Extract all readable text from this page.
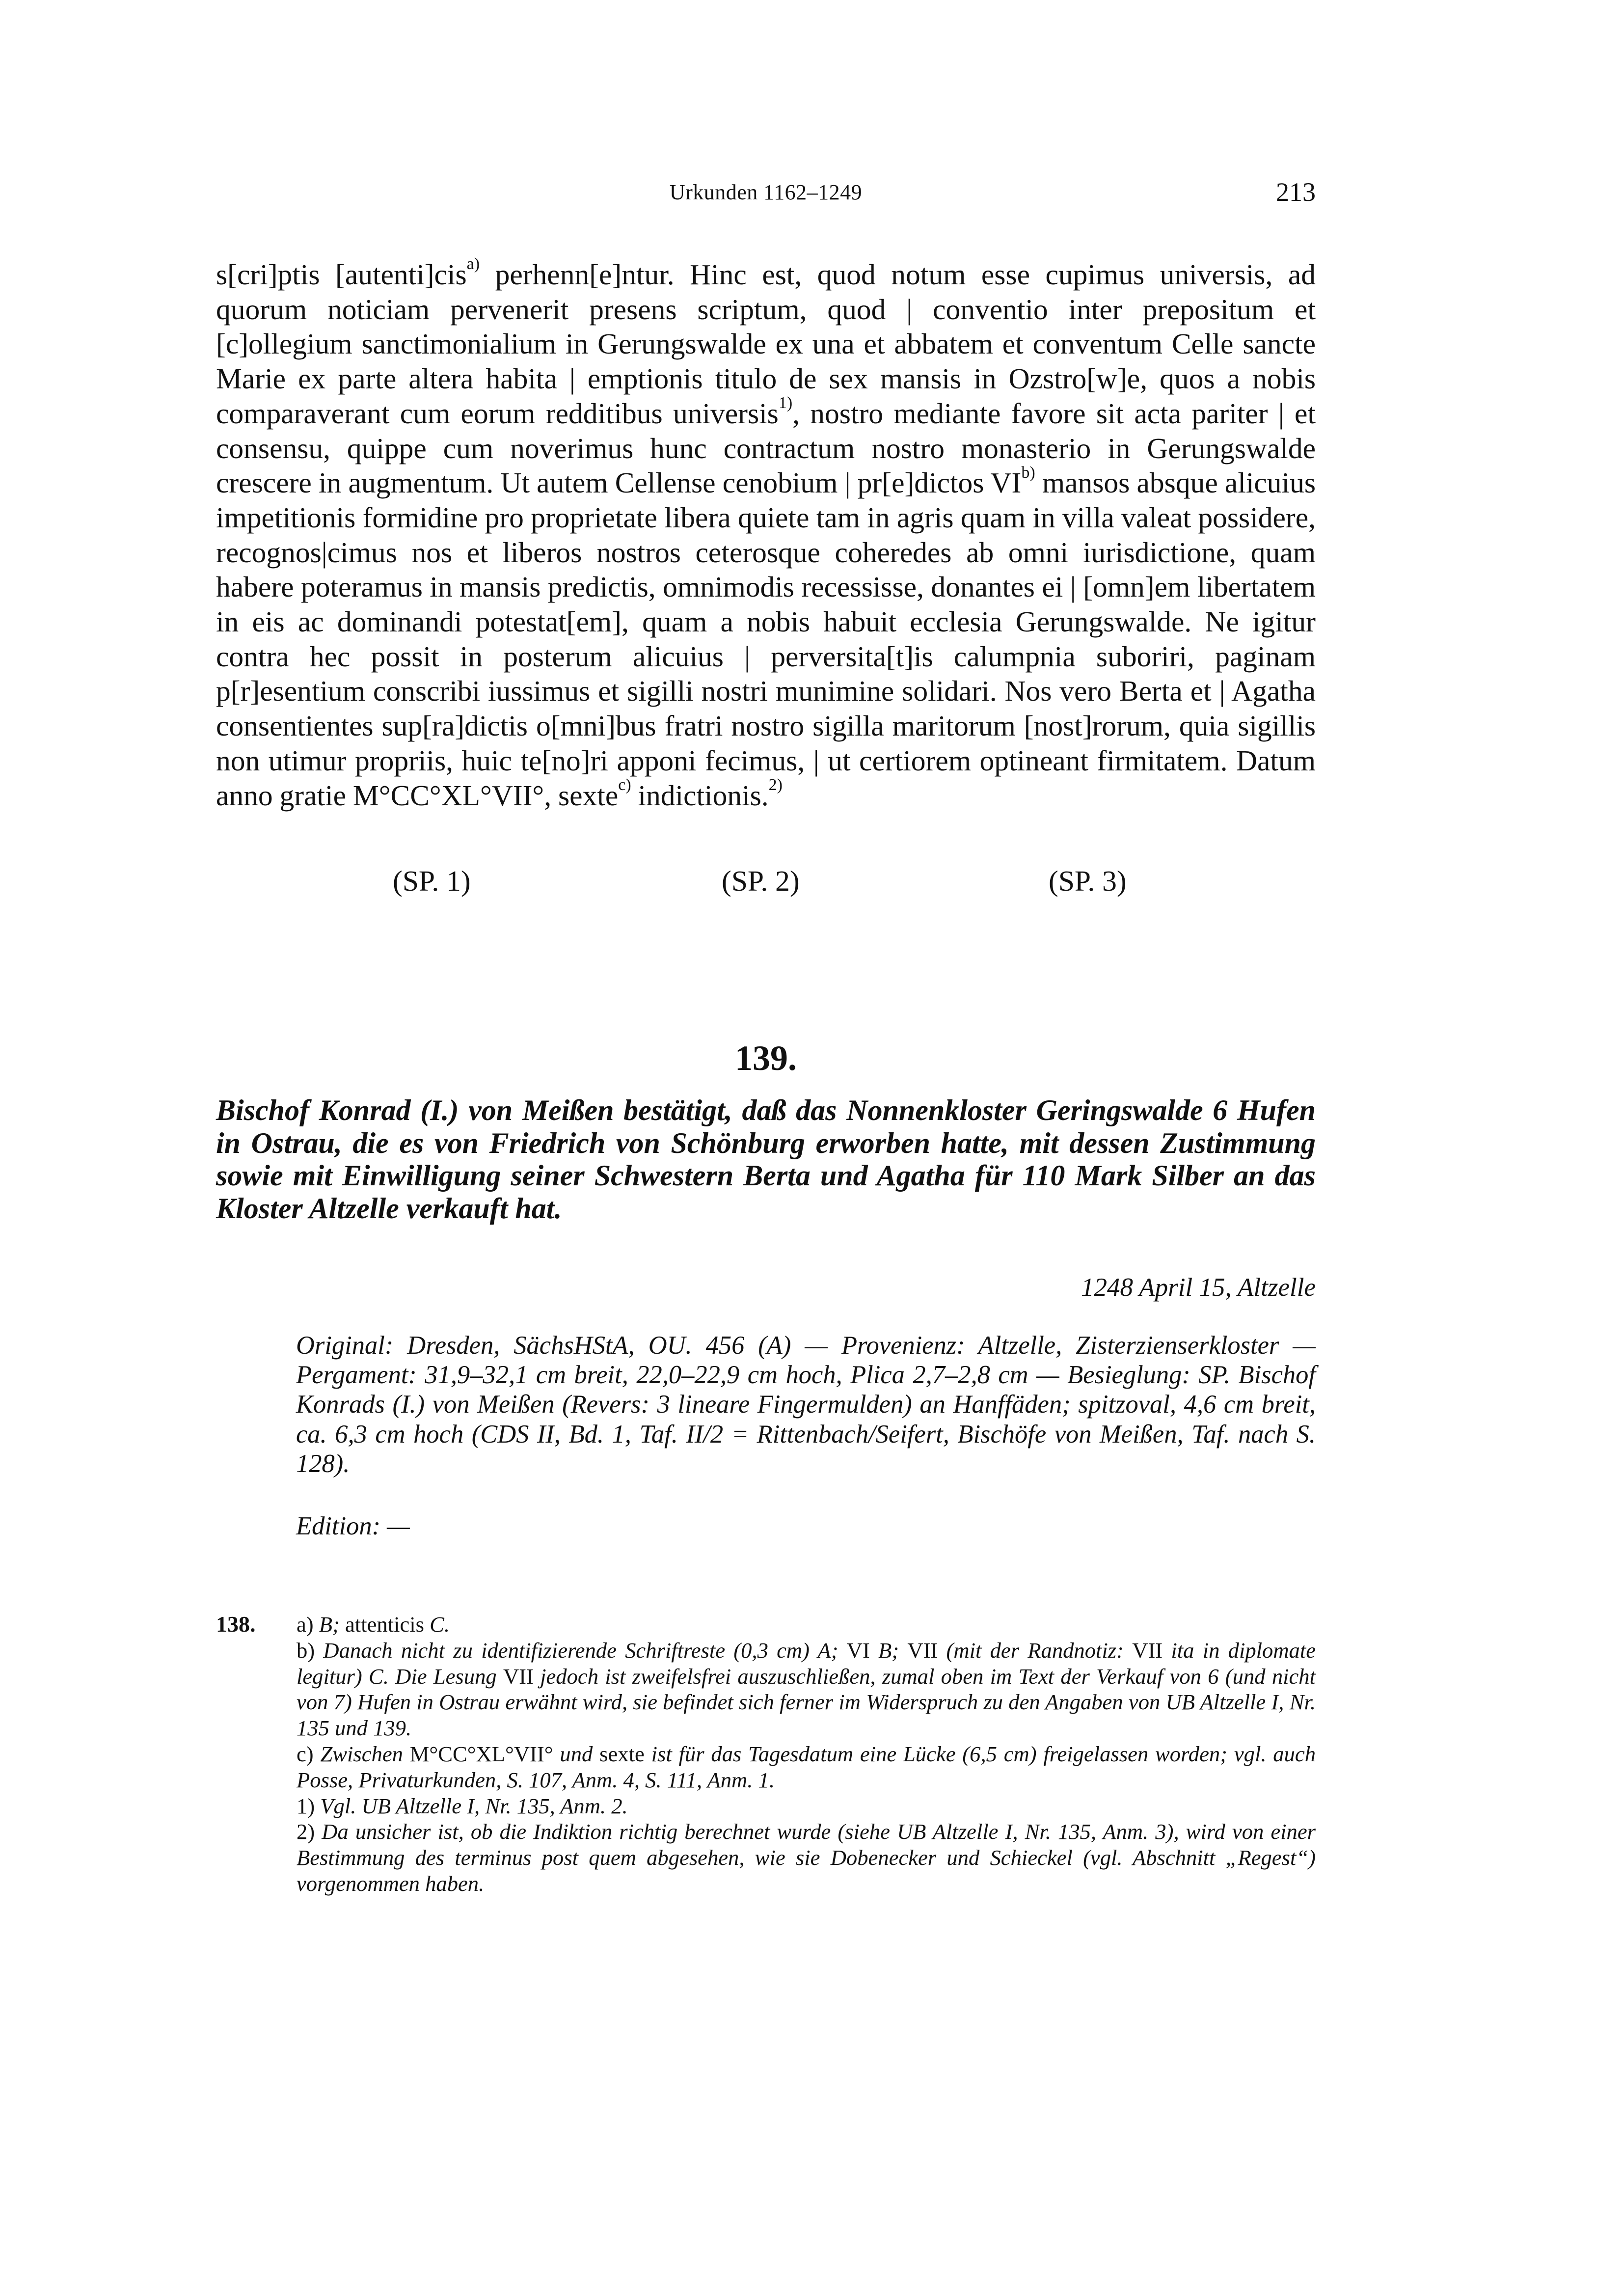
Urkunden 1162–1249	213
s[cri]ptis [autenti]cis$^{a)}$ perhenn[e]ntur. Hinc est, quod notum esse cupimus universis, ad quorum noticiam pervenerit presens scriptum, quod | conventio inter prepositum et [c]ollegium sanctimonialium in Gerungswalde ex una et abbatem et conventum Celle sancte Marie ex parte altera habita | emptionis titulo de sex mansis in Ozstro[w]e, quos a nobis comparaverant cum eorum redditibus universis$^{1)}$, nostro mediante favore sit acta pariter | et consensu, quippe cum noverimus hunc contractum nostro monasterio in Gerungswalde crescere in augmentum. Ut autem Cellense cenobium | pr[e]dictos VI$^{b)}$ mansos absque alicuius impetitionis formidine pro proprietate libera quiete tam in agris quam in villa valeat possidere, recognos|cimus nos et liberos nostros ceterosque coheredes ab omni iurisdictione, quam habere poteramus in mansis predictis, omnimodis recessisse, donantes ei | [omn]em libertatem in eis ac dominandi potestat[em], quam a nobis habuit ecclesia Gerungswalde. Ne igitur contra hec possit in posterum alicuius | perversita[t]is calumpnia suboriri, paginam p[r]esentium conscribi iussimus et sigilli nostri munimine solidari. Nos vero Berta et | Agatha consentientes sup[ra]dictis o[mni]bus fratri nostro sigilla maritorum [nost]rorum, quia sigillis non utimur propriis, huic te[no]ri apponi fecimus, | ut certiorem optineant firmitatem. Datum anno gratie M°CC°XL°VII°, sexte$^{c)}$ indictionis.$^{2)}$
(SP. 1)	(SP. 2)	(SP. 3)
139.
Bischof Konrad (I.) von Meißen bestätigt, daß das Nonnenkloster Geringswalde 6 Hufen in Ostrau, die es von Friedrich von Schönburg erworben hatte, mit dessen Zustimmung sowie mit Einwilligung seiner Schwestern Berta und Agatha für 110 Mark Silber an das Kloster Altzelle verkauft hat.
1248 April 15, Altzelle
Original: Dresden, SächsHStA, OU. 456 (A) — Provenienz: Altzelle, Zisterzienserkloster — Pergament: 31,9–32,1 cm breit, 22,0–22,9 cm hoch, Plica 2,7–2,8 cm — Besieglung: SP. Bischof Konrads (I.) von Meißen (Revers: 3 lineare Fingermulden) an Hanffäden; spitzoval, 4,6 cm breit, ca. 6,3 cm hoch (CDS II, Bd. 1, Taf. II/2 = Rittenbach/Seifert, Bischöfe von Meißen, Taf. nach S. 128).
Edition: —
138. a) B; attenticis C.
b) Danach nicht zu identifizierende Schriftreste (0,3 cm) A; VI B; VII (mit der Randnotiz: VII ita in diplomate legitur) C. Die Lesung VII jedoch ist zweifelsfrei auszuschließen, zumal oben im Text der Verkauf von 6 (und nicht von 7) Hufen in Ostrau erwähnt wird, sie befindet sich ferner im Widerspruch zu den Angaben von UB Altzelle I, Nr. 135 und 139.
c) Zwischen M°CC°XL°VII° und sexte ist für das Tagesdatum eine Lücke (6,5 cm) freigelassen worden; vgl. auch Posse, Privaturkunden, S. 107, Anm. 4, S. 111, Anm. 1.
1) Vgl. UB Altzelle I, Nr. 135, Anm. 2.
2) Da unsicher ist, ob die Indiktion richtig berechnet wurde (siehe UB Altzelle I, Nr. 135, Anm. 3), wird von einer Bestimmung des terminus post quem abgesehen, wie sie Dobenecker und Schieckel (vgl. Abschnitt „Regest“) vorgenommen haben.
